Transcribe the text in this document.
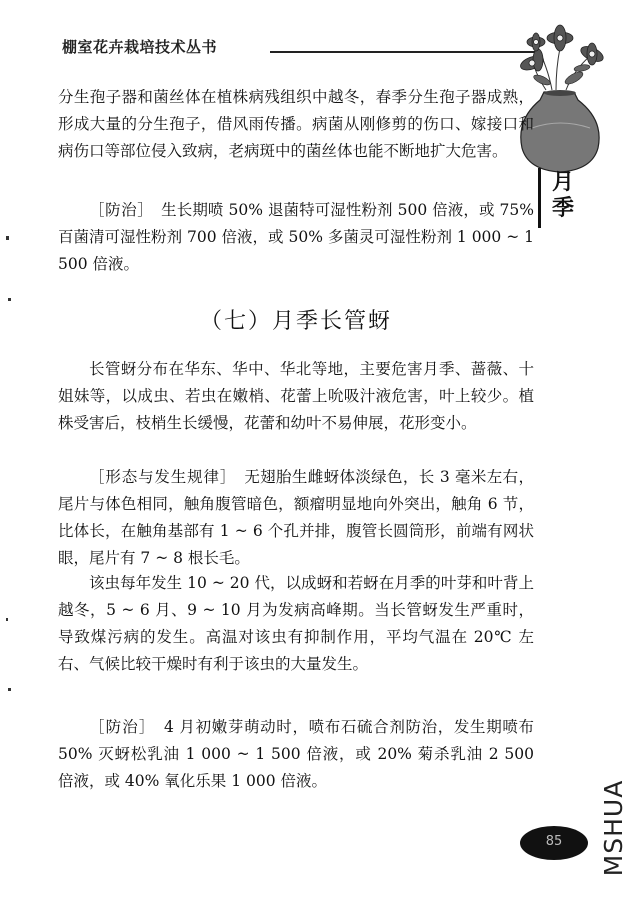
棚室花卉栽培技术丛书
月季

分生孢子器和菌丝体在植株病残组织中越冬，春季分生孢子器成熟，形成大量的分生孢子，借风雨传播。病菌从刚修剪的伤口、嫁接口和病伤口等部位侵入致病，老病斑中的菌丝体也能不断地扩大危害。

［防治］　 生长期喷 50% 退菌特可湿性粉剂 500 倍液，或 75% 百菌清可湿性粉剂 700 倍液，或 50% 多菌灵可湿性粉剂 1 000 ~ 1 500 倍液。

（七）月季长管蚜

长管蚜分布在华东、华中、华北等地，主要危害月季、蔷薇、十姐妹等，以成虫、若虫在嫩梢、花蕾上吮吸汁液危害，叶上较少。植株受害后，枝梢生长缓慢，花蕾和幼叶不易伸展，花形变小。

［形态与发生规律］　 无翅胎生雌蚜体淡绿色，长 3 毫米左右，尾片与体色相同，触角腹管暗色，额瘤明显地向外突出，触角 6 节，比体长，在触角基部有 1 ~ 6 个孔并排，腹管长圆筒形，前端有网状眼，尾片有 7 ~ 8 根长毛。

该虫每年发生 10 ~ 20 代，以成蚜和若蚜在月季的叶芽和叶背上越冬，5 ~ 6 月、9 ~ 10 月为发病高峰期。当长管蚜发生严重时，导致煤污病的发生。高温对该虫有抑制作用，平均气温在 20℃ 左右、气候比较干燥时有利于该虫的大量发生。

［防治］　 4 月初嫩芽萌动时，喷布石硫合剂防治，发生期喷布 50% 灭蚜松乳油 1 000 ~ 1 500 倍液，或 20% 菊杀乳油 2 500 倍液，或 40% 氧化乐果 1 000 倍液。

85	MSHUA
